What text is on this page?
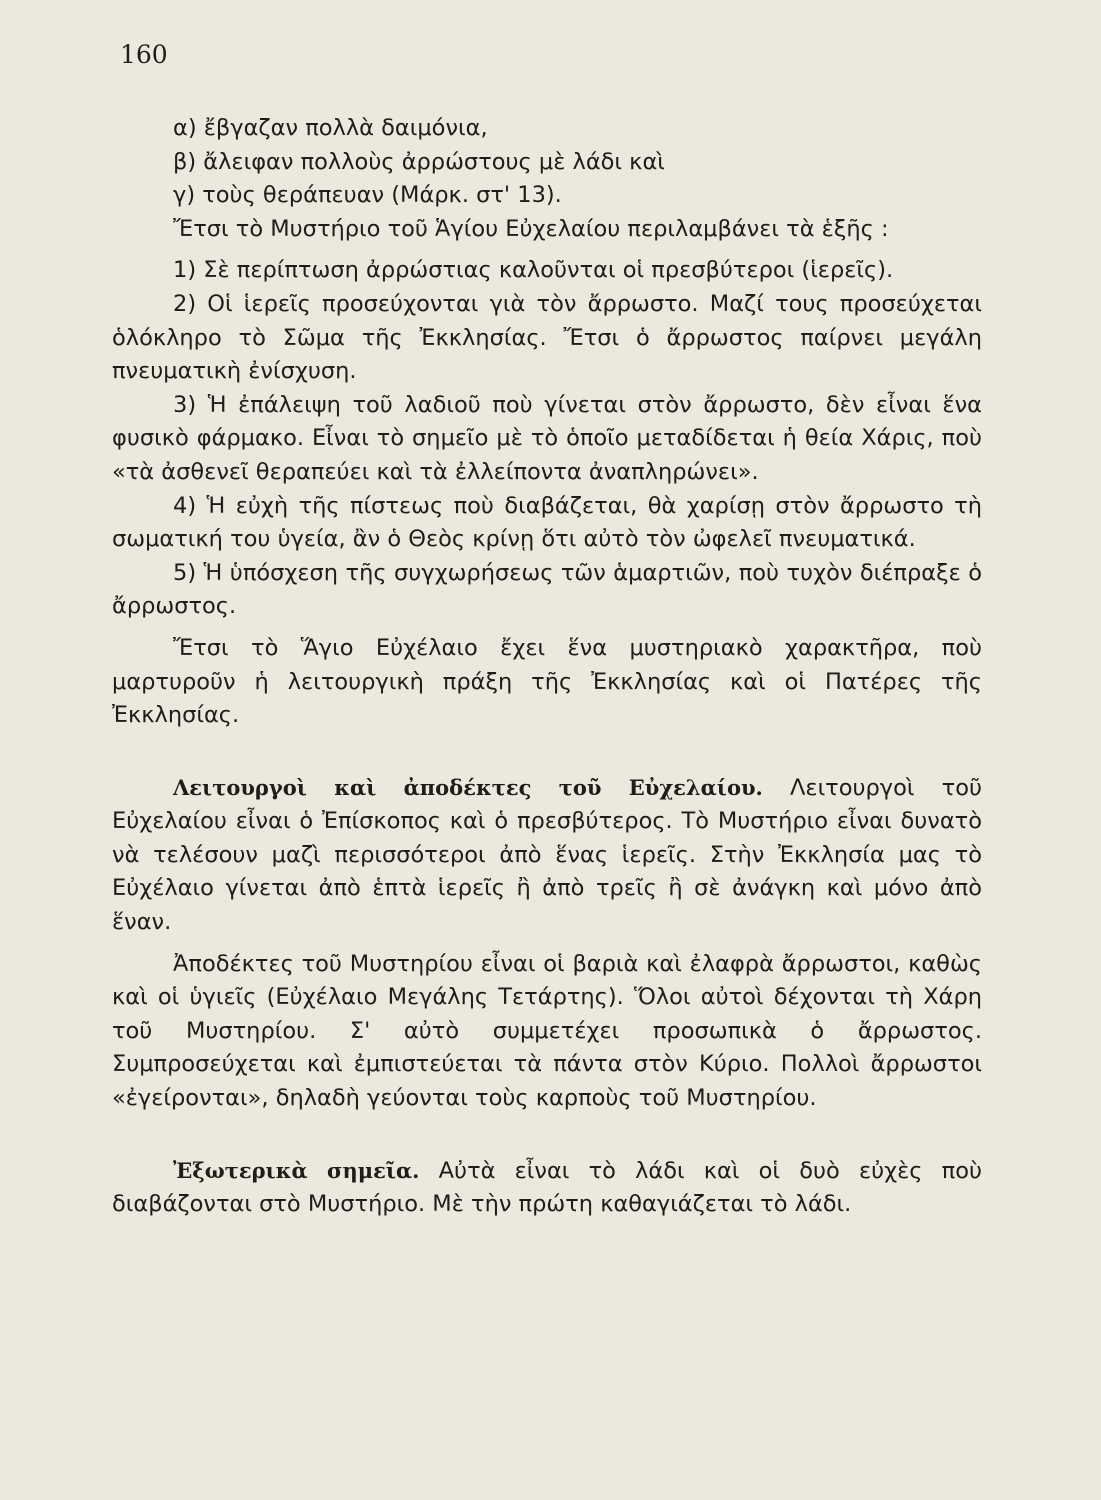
160

α) ἔβγαζαν πολλὰ δαιμόνια,

β) ἄλειφαν πολλοὺς ἀρρώστους μὲ λάδι καὶ

γ) τοὺς θεράπευαν (Μάρκ. στ' 13).

Ἔτσι τὸ Μυστήριο τοῦ Ἁγίου Εὐχελαίου περιλαμβάνει τὰ ἑξῆς :

1) Σὲ περίπτωση ἀρρώστιας καλοῦνται οἱ πρεσβύτεροι (ἱερεῖς).

2) Οἱ ἱερεῖς προσεύχονται γιὰ τὸν ἄρρωστο. Μαζί τους προσεύχεται ὁλόκληρο τὸ Σῶμα τῆς Ἐκκλησίας. Ἔτσι ὁ ἄρρωστος παίρνει μεγάλη πνευματικὴ ἐνίσχυση.

3) Ἡ ἐπάλειψη τοῦ λαδιοῦ ποὺ γίνεται στὸν ἄρρωστο, δὲν εἶναι ἕνα φυσικὸ φάρμακο. Εἶναι τὸ σημεῖο μὲ τὸ ὁποῖο μεταδίδεται ἡ θεία Χάρις, ποὺ «τὰ ἀσθενεῖ θεραπεύει καὶ τὰ ἐλλείποντα ἀναπληρώνει».

4) Ἡ εὐχὴ τῆς πίστεως ποὺ διαβάζεται, θὰ χαρίσῃ στὸν ἄρρωστο τὴ σωματική του ὑγεία, ἂν ὁ Θεὸς κρίνῃ ὅτι αὐτὸ τὸν ὠφελεῖ πνευματικά.

5) Ἡ ὑπόσχεση τῆς συγχωρήσεως τῶν ἁμαρτιῶν, ποὺ τυχὸν διέπραξε ὁ ἄρρωστος.

Ἔτσι τὸ Ἅγιο Εὐχέλαιο ἔχει ἕνα μυστηριακὸ χαρακτῆρα, ποὺ μαρτυροῦν ἡ λειτουργικὴ πράξη τῆς Ἐκκλησίας καὶ οἱ Πατέρες τῆς Ἐκκλησίας.

Λειτουργοὶ καὶ ἀποδέκτες τοῦ Εὐχελαίου. Λειτουργοὶ τοῦ Εὐχελαίου εἶναι ὁ Ἐπίσκοπος καὶ ὁ πρεσβύτερος. Τὸ Μυστήριο εἶναι δυνατὸ νὰ τελέσουν μαζὶ περισσότεροι ἀπὸ ἕνας ἱερεῖς. Στὴν Ἐκκλησία μας τὸ Εὐχέλαιο γίνεται ἀπὸ ἑπτὰ ἱερεῖς ἢ ἀπὸ τρεῖς ἢ σὲ ἀνάγκη καὶ μόνο ἀπὸ ἕναν.

Ἀποδέκτες τοῦ Μυστηρίου εἶναι οἱ βαριὰ καὶ ἐλαφρὰ ἄρρωστοι, καθὼς καὶ οἱ ὑγιεῖς (Εὐχέλαιο Μεγάλης Τετάρτης). Ὅλοι αὐτοὶ δέχονται τὴ Χάρη τοῦ Μυστηρίου. Σ' αὐτὸ συμμετέχει προσωπικὰ ὁ ἄρρωστος. Συμπροσεύχεται καὶ ἐμπιστεύεται τὰ πάντα στὸν Κύριο. Πολλοὶ ἄρρωστοι «ἐγείρονται», δηλαδὴ γεύονται τοὺς καρποὺς τοῦ Μυστηρίου.

Ἐξωτερικὰ σημεῖα. Αὐτὰ εἶναι τὸ λάδι καὶ οἱ δυὸ εὐχὲς ποὺ διαβάζονται στὸ Μυστήριο. Μὲ τὴν πρώτη καθαγιάζεται τὸ λάδι.
